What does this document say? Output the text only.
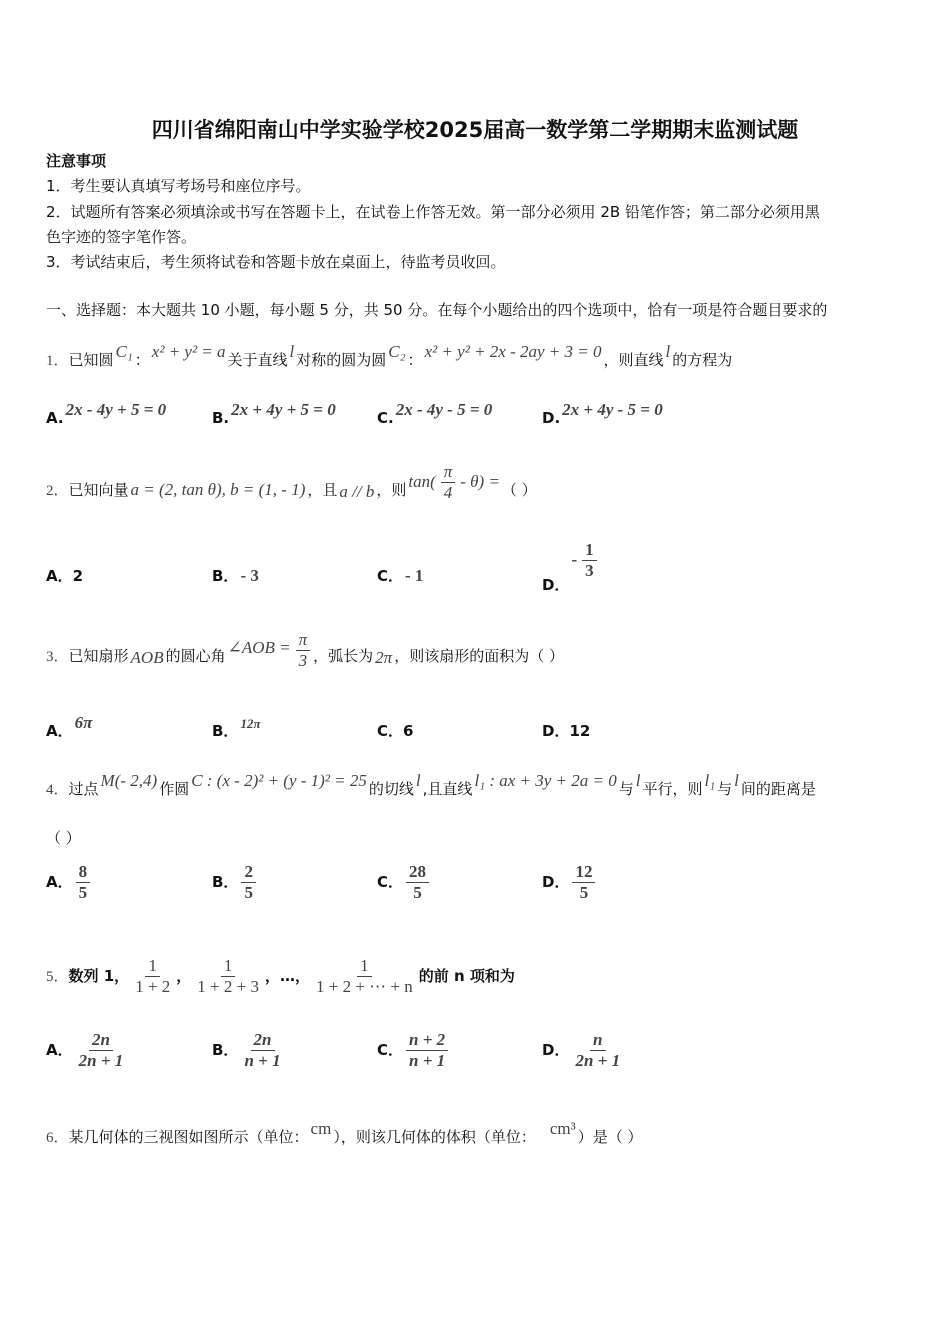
四川省绵阳南山中学实验学校2025届高一数学第二学期期末监测试题
注意事项
1．考生要认真填写考场号和座位序号。
2．试题所有答案必须填涂或书写在答题卡上，在试卷上作答无效。第一部分必须用 2B 铅笔作答；第二部分必须用黑
色字迹的签字笔作答。
3．考试结束后，考生须将试卷和答题卡放在桌面上，待监考员收回。
一、选择题：本大题共 10 小题，每小题 5 分，共 50 分。在每个小题给出的四个选项中，恰有一项是符合题目要求的
1．已知圆 C₁ ： x² + y² = a 关于直线 l 对称的圆为圆 C₂ ： x² + y² + 2x - 2ay + 3 = 0 ，则直线 l 的方程为
A. 2x - 4y + 5 = 0	B. 2x + 4y + 5 = 0	C. 2x - 4y - 5 = 0	D. 2x + 4y - 5 = 0
2．已知向量 a = (2, tan θ), b = (1, - 1) ，且 a // b ，则 $\tan( \frac{\pi}{4} - \theta)$ = （ ）
A．2	B． - 3	C． - 1	D．- $\frac{1}{3}$
3．已知扇形 AOB 的圆心角 ∠AOB = $\frac{\pi}{3}$ ，弧长为 2π ，则该扇形的面积为（ ）
A． 6π	B． 12π	C．6	D．12
4．过点 M(- 2,4) 作圆 C : (x - 2)² + (y - 1)² = 25 的切线 l ,且直线 l₁ : ax + 3y + 2a = 0 与 l 平行，则 l₁ 与 l 间的距离是
（ ）
A． $\frac{8}{5}$	B． $\frac{2}{5}$	C． $\frac{28}{5}$	D． $\frac{12}{5}$
5．数列 1， $\frac{1}{1 + 2}$ ， $\frac{1}{1 + 2 + 3}$ ，…， $\frac{1}{1 + 2 + \cdots + n}$ 的前 n 项和为
A． $\frac{2n}{2n + 1}$	B． $\frac{2n}{n + 1}$	C． $\frac{n + 2}{n + 1}$	D． $\frac{n}{2n + 1}$
6．某几何体的三视图如图所示（单位： cm ），则该几何体的体积（单位： cm³ ）是（ ）
